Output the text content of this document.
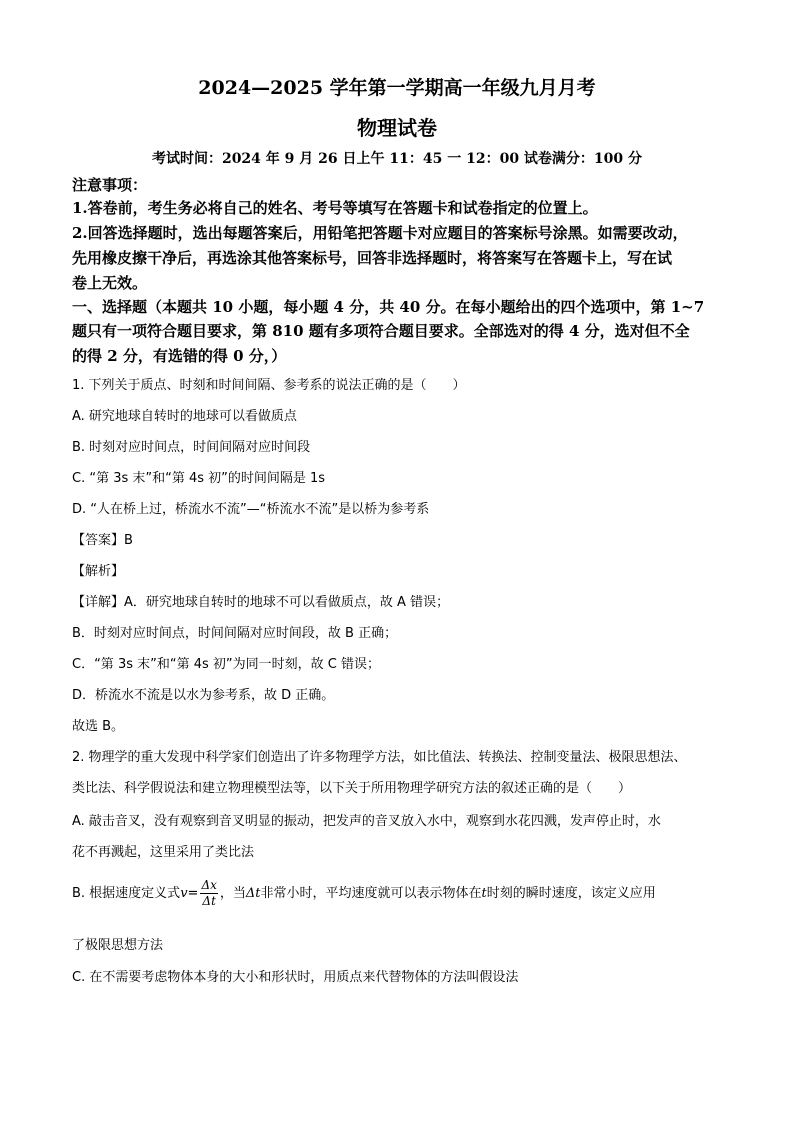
2024—2025 学年第一学期高一年级九月月考
物理试卷
考试时间：2024 年 9 月 26 日上午 11：45 一 12：00 试卷满分：100 分
注意事项：
1.答卷前，考生务必将自己的姓名、考号等填写在答题卡和试卷指定的位置上。
2.回答选择题时，选出每题答案后，用铅笔把答题卡对应题目的答案标号涂黑。如需要改动，
先用橡皮擦干净后，再选涂其他答案标号，回答非选择题时，将答案写在答题卡上，写在试
卷上无效。
一、选择题（本题共 10 小题，每小题 4 分，共 40 分。在每小题给出的四个选项中，第 1~7
题只有一项符合题目要求，第 810 题有多项符合题目要求。全部选对的得 4 分，选对但不全
的得 2 分，有选错的得 0 分，）
1. 下列关于质点、时刻和时间间隔、参考系的说法正确的是（　　）
A. 研究地球自转时的地球可以看做质点
B. 时刻对应时间点，时间间隔对应时间段
C. “第 3s 末”和“第 4s 初”的时间间隔是 1s
D. “人在桥上过，桥流水不流”—“桥流水不流”是以桥为参考系
【答案】B
【解析】
【详解】A．研究地球自转时的地球不可以看做质点，故 A 错误；
B．时刻对应时间点，时间间隔对应时间段，故 B 正确；
C．“第 3s 末”和“第 4s 初”为同一时刻，故 C 错误；
D．桥流水不流是以水为参考系，故 D 正确。
故选 B。
2. 物理学的重大发现中科学家们创造出了许多物理学方法，如比值法、转换法、控制变量法、极限思想法、
类比法、科学假说法和建立物理模型法等，以下关于所用物理学研究方法的叙述正确的是（　　）
A. 敲击音叉，没有观察到音叉明显的振动，把发声的音叉放入水中，观察到水花四溅，发声停止时，水
花不再溅起，这里采用了类比法
B. 根据速度定义式$v= \frac{\Delta x}{\Delta t}$ ，当Δt非常小时，平均速度就可以表示物体在t时刻的瞬时速度，该定义应用
了极限思想方法
C. 在不需要考虑物体本身的大小和形状时，用质点来代替物体的方法叫假设法
